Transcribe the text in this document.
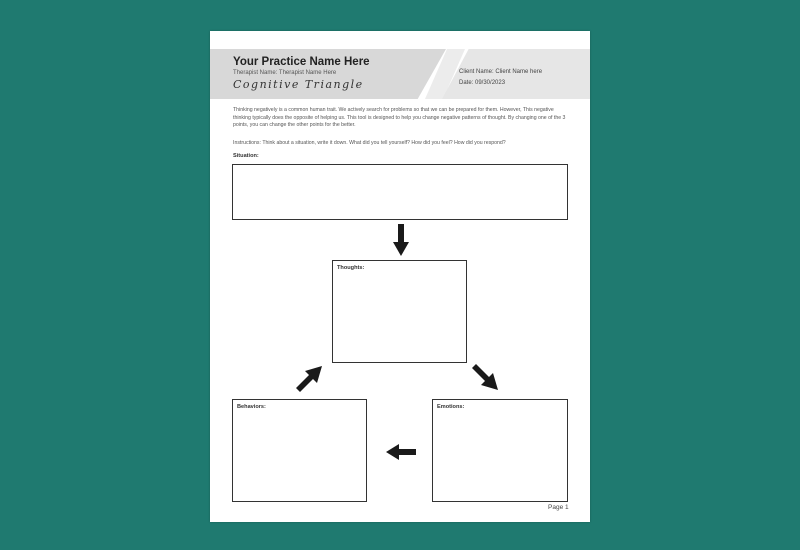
Your Practice Name Here
Therapist Name: Therapist Name Here
Cognitive Triangle
Client Name: Client Name here
Date: 09/30/2023
Thinking negatively is a common human trait. We actively search for problems so that we can be prepared for them. However, This negative thinking typically does the opposite of helping us. This tool is designed to help you change negative patterns of thought. By changing one of the 3 points, you can change the other points for the better.
Instructions: Think about a situation, write it down. What did you tell yourself? How did you feel? How did you respond?
Situation:
Thoughts:
Behaviors:	Emotions:
Page 1
